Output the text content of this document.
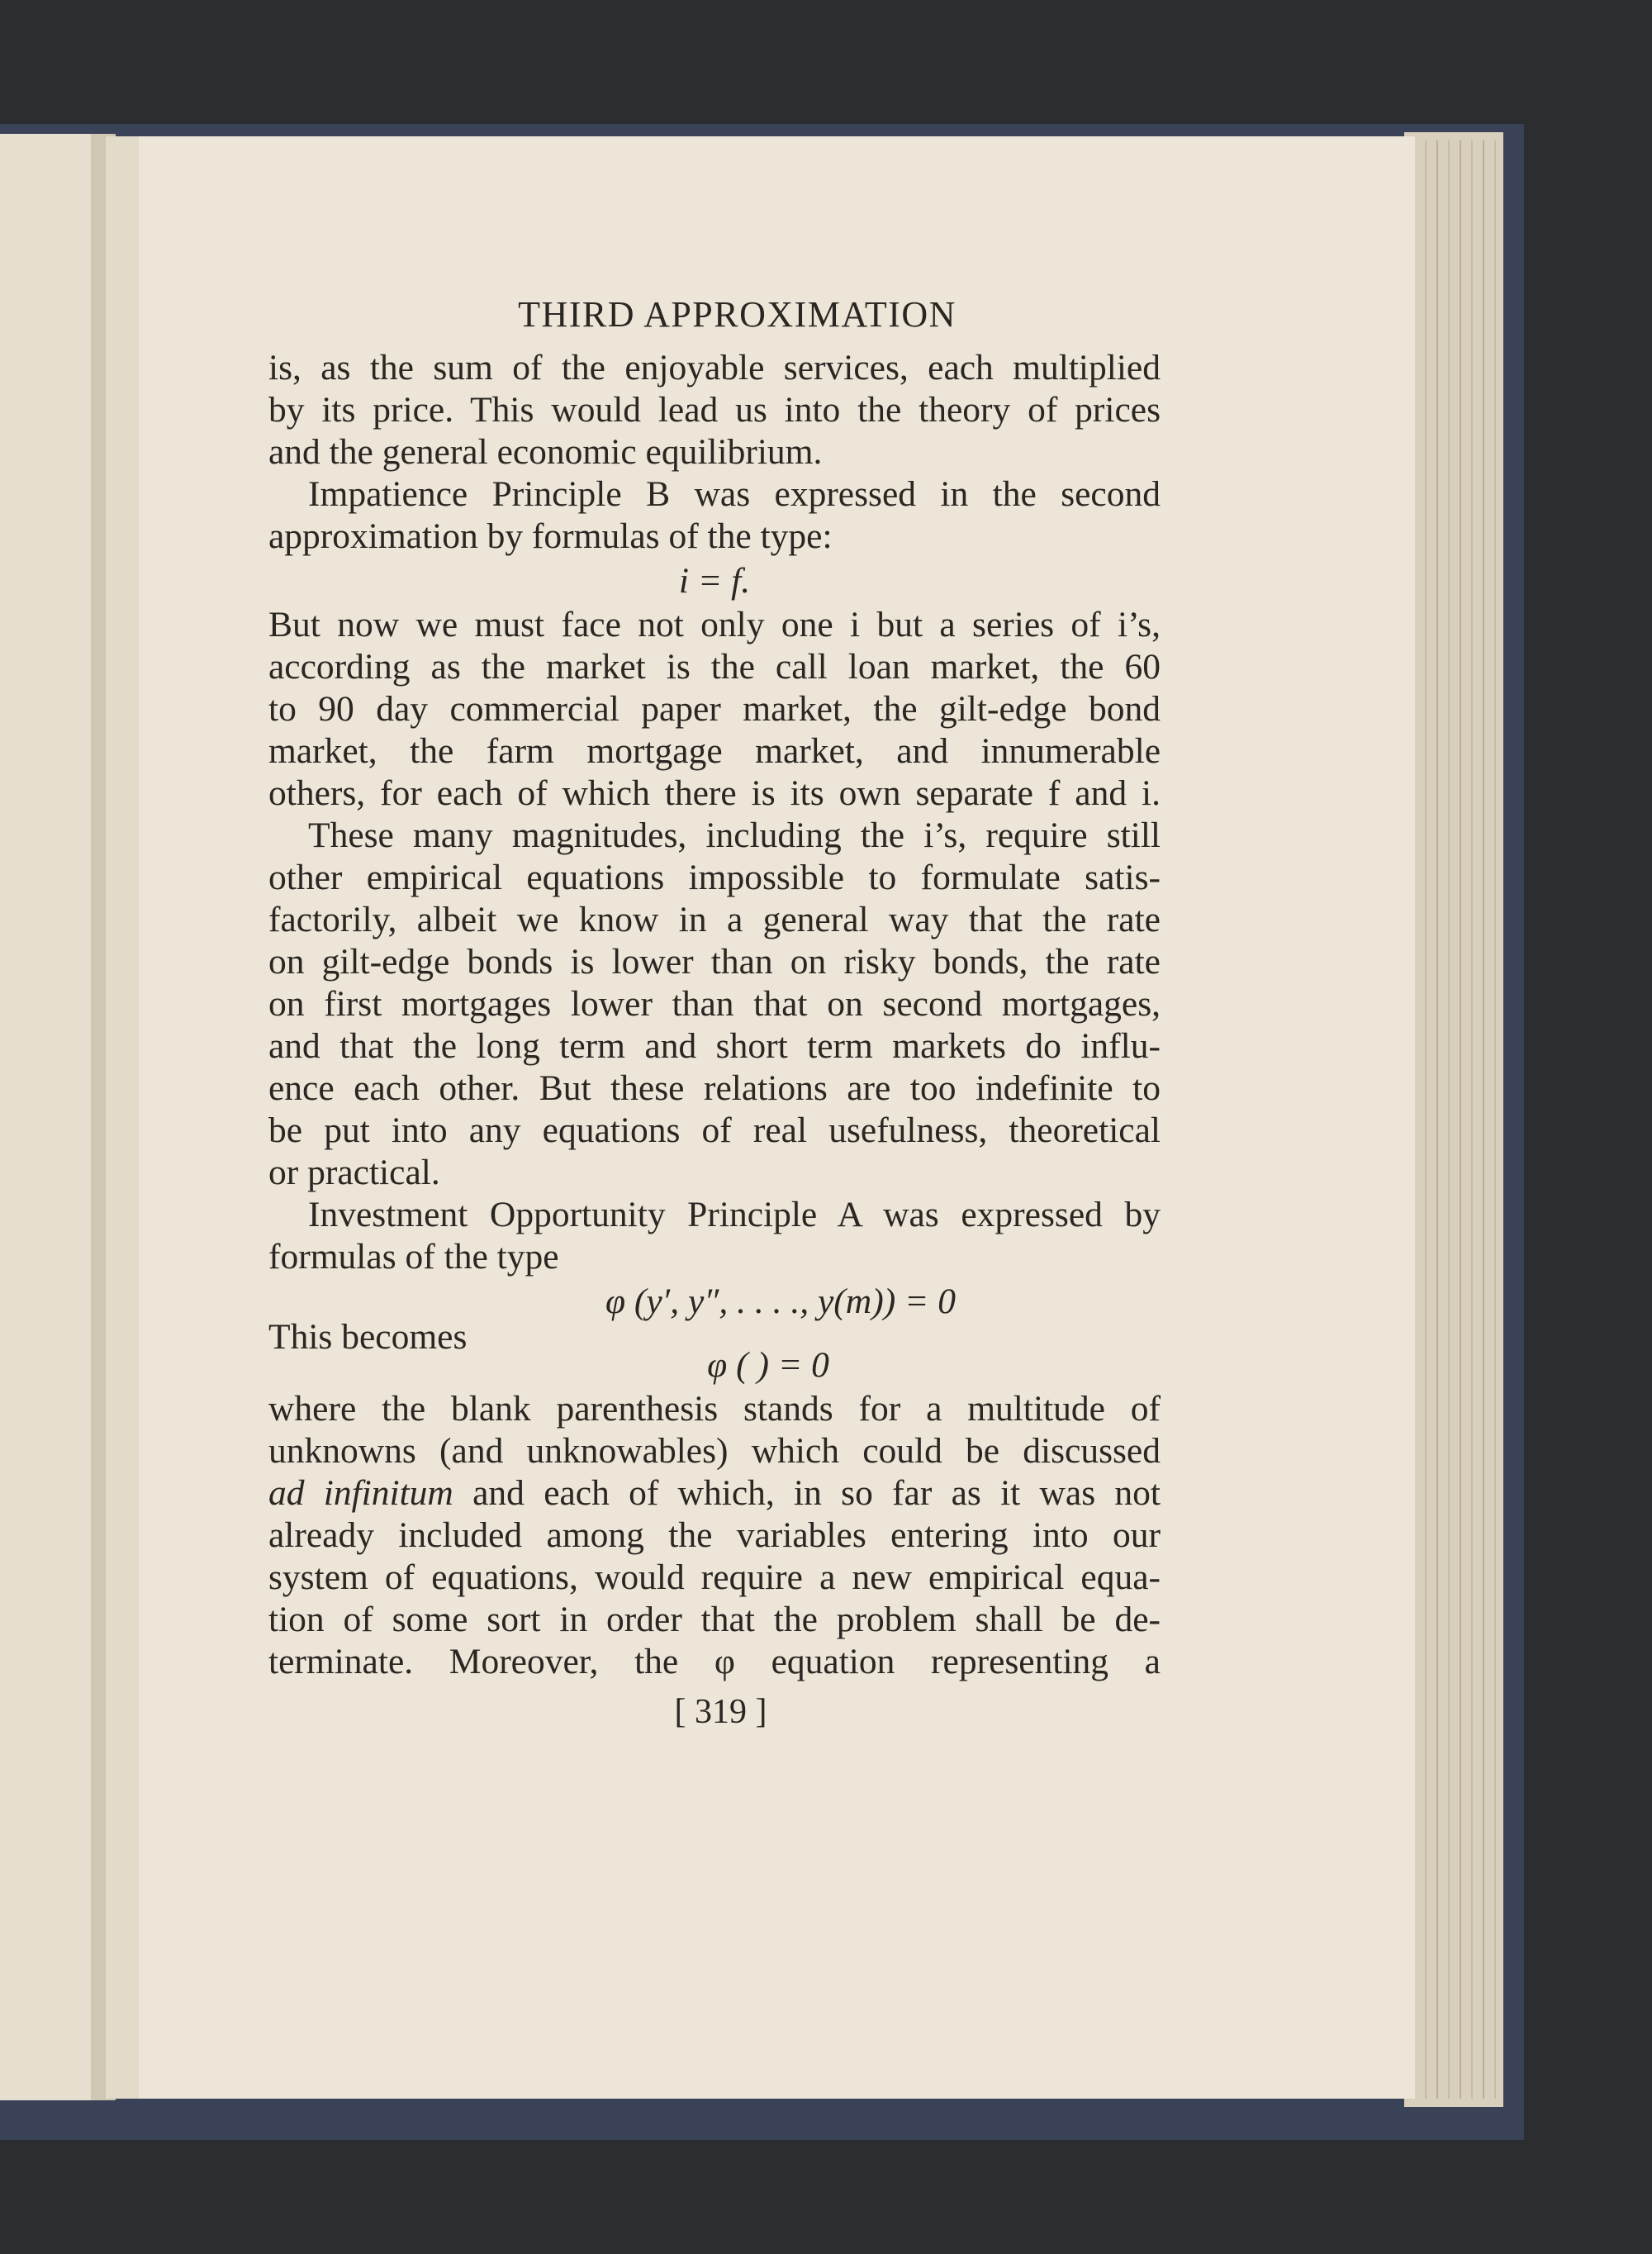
THIRD APPROXIMATION
is, as the sum of the enjoyable services, each multiplied
by its price. This would lead us into the theory of prices
and the general economic equilibrium.
Impatience Principle B was expressed in the second
approximation by formulas of the type:
i = f.
But now we must face not only one i but a series of i’s,
according as the market is the call loan market, the 60
to 90 day commercial paper market, the gilt-edge bond
market, the farm mortgage market, and innumerable
others, for each of which there is its own separate f and i.
These many magnitudes, including the i’s, require still
other empirical equations impossible to formulate satis-
factorily, albeit we know in a general way that the rate
on gilt-edge bonds is lower than on risky bonds, the rate
on first mortgages lower than that on second mortgages,
and that the long term and short term markets do influ-
ence each other. But these relations are too indefinite to
be put into any equations of real usefulness, theoretical
or practical.
Investment Opportunity Principle A was expressed by
formulas of the type
φ (y′, y″, . . . ., y(m)) = 0
This becomes
φ ( ) = 0
where the blank parenthesis stands for a multitude of
unknowns (and unknowables) which could be discussed
ad infinitum and each of which, in so far as it was not
already included among the variables entering into our
system of equations, would require a new empirical equa-
tion of some sort in order that the problem shall be de-
terminate. Moreover, the φ equation representing a
[ 319 ]
